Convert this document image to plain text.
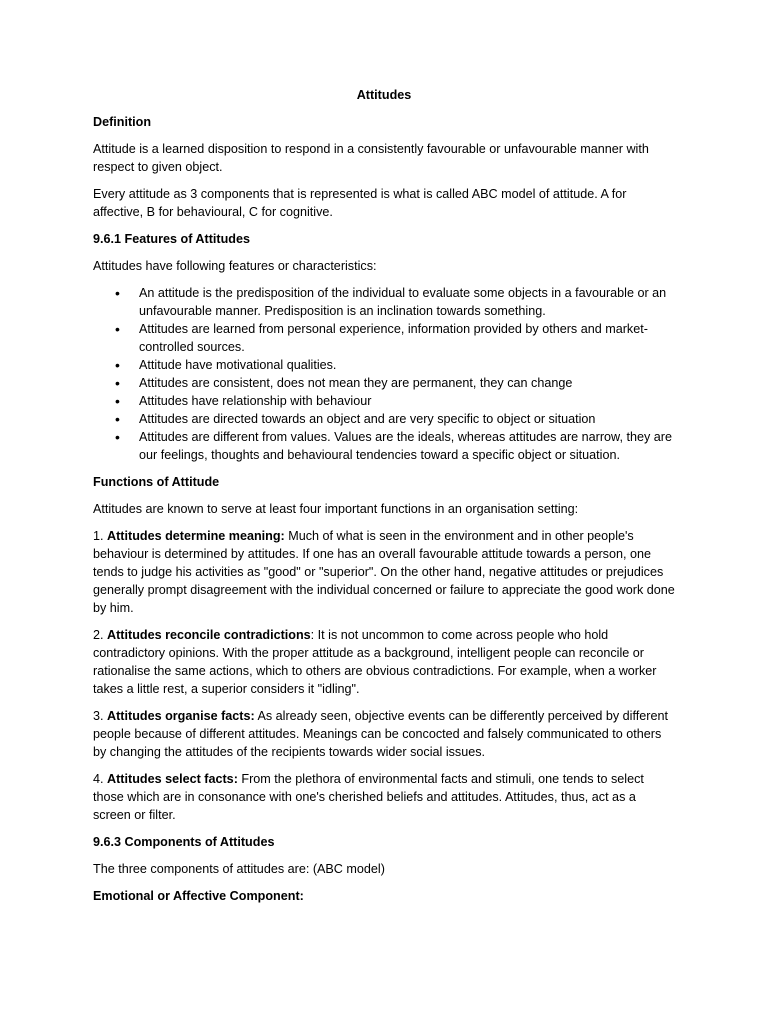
Attitudes
Definition

Attitude is a learned disposition to respond in a consistently favourable or unfavourable manner with respect to given object.

Every attitude as 3 components that is represented is what is called ABC model of attitude. A for affective, B for behavioural, C for cognitive.

9.6.1 Features of Attitudes

Attitudes have following features or characteristics:

• An attitude is the predisposition of the individual to evaluate some objects in a favourable or an unfavourable manner. Predisposition is an inclination towards something.
• Attitudes are learned from personal experience, information provided by others and market-controlled sources.
• Attitude have motivational qualities.
• Attitudes are consistent, does not mean they are permanent, they can change
• Attitudes have relationship with behaviour
• Attitudes are directed towards an object and are very specific to object or situation
• Attitudes are different from values. Values are the ideals, whereas attitudes are narrow, they are our feelings, thoughts and behavioural tendencies toward a specific object or situation.
Functions of Attitude

Attitudes are known to serve at least four important functions in an organisation setting:

1. Attitudes determine meaning: Much of what is seen in the environment and in other people's behaviour is determined by attitudes. If one has an overall favourable attitude towards a person, one tends to judge his activities as "good" or "superior". On the other hand, negative attitudes or prejudices generally prompt disagreement with the individual concerned or failure to appreciate the good work done by him.

2. Attitudes reconcile contradictions: It is not uncommon to come across people who hold contradictory opinions. With the proper attitude as a background, intelligent people can reconcile or rationalise the same actions, which to others are obvious contradictions. For example, when a worker takes a little rest, a superior considers it "idling".

3. Attitudes organise facts: As already seen, objective events can be differently perceived by different people because of different attitudes. Meanings can be concocted and falsely communicated to others by changing the attitudes of the recipients towards wider social issues.

4. Attitudes select facts: From the plethora of environmental facts and stimuli, one tends to select those which are in consonance with one's cherished beliefs and attitudes. Attitudes, thus, act as a screen or filter.

9.6.3 Components of Attitudes

The three components of attitudes are: (ABC model)

Emotional or Affective Component:
